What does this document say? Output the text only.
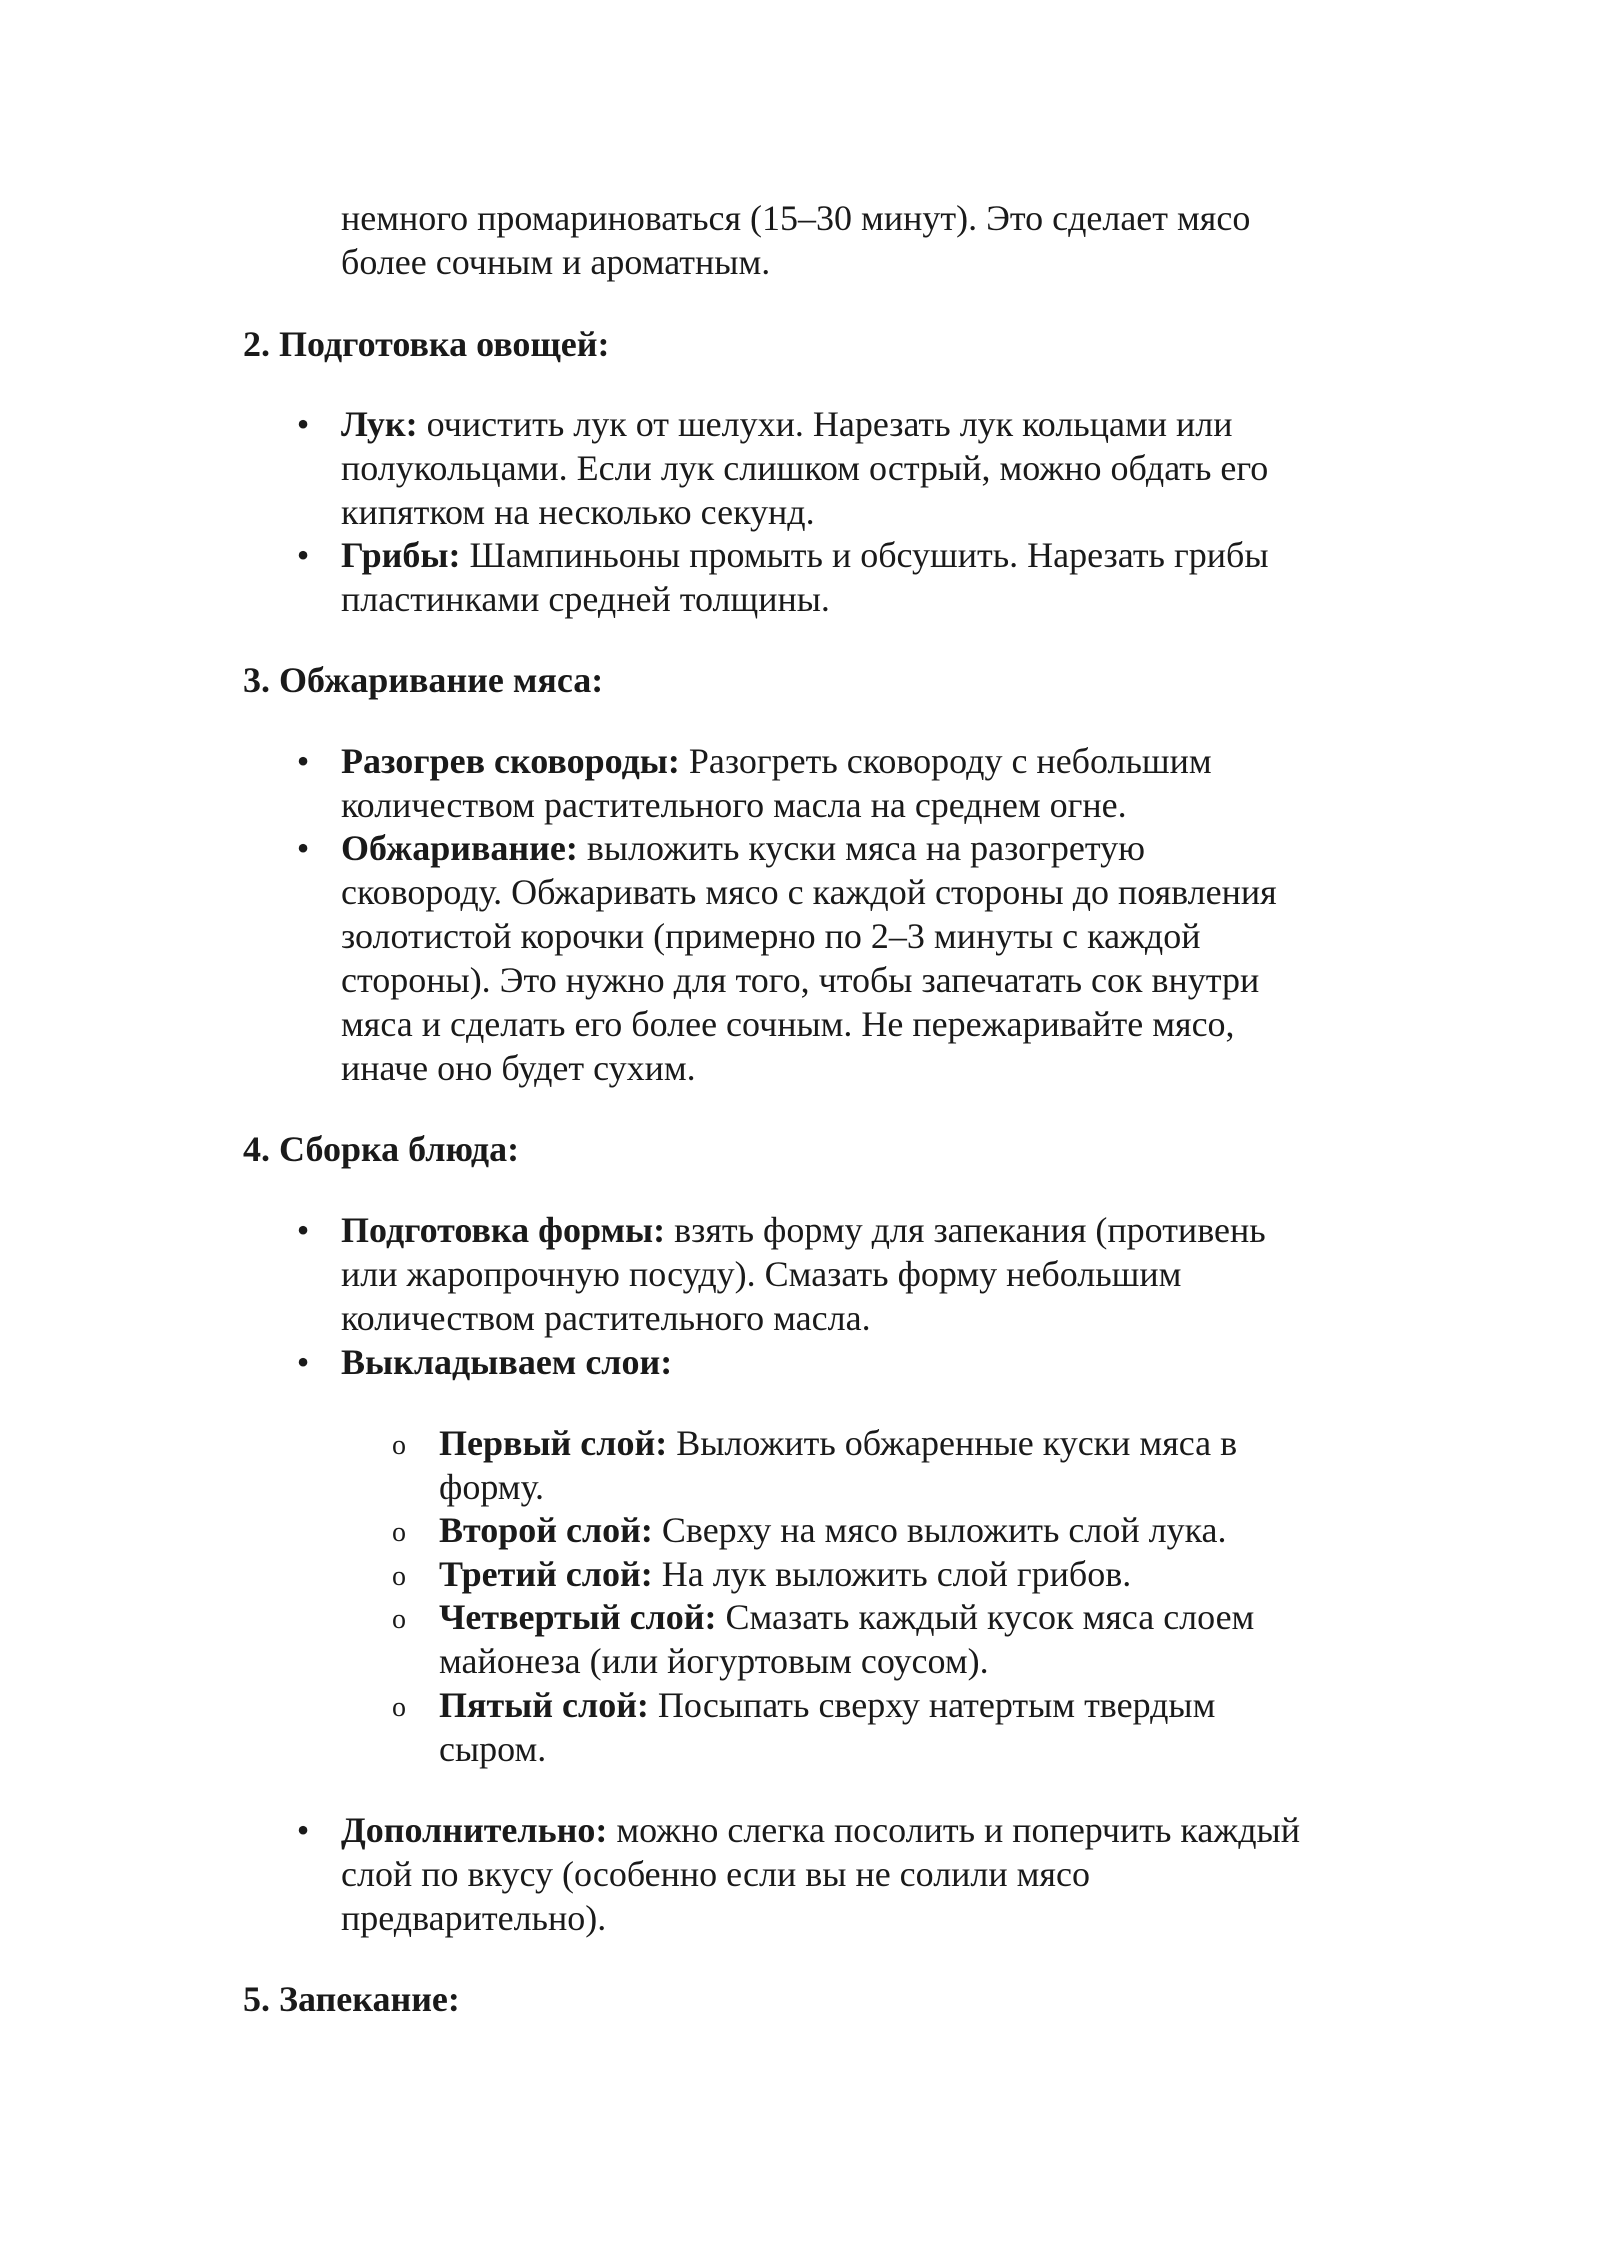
немного промариноваться (15–30 минут). Это сделает мясо
более сочным и ароматным.

2. Подготовка овощей:
• Лук: очистить лук от шелухи. Нарезать лук кольцами или
полукольцами. Если лук слишком острый, можно обдать его
кипятком на несколько секунд.
• Грибы: Шампиньоны промыть и обсушить. Нарезать грибы
пластинками средней толщины.
3. Обжаривание мяса:
• Разогрев сковороды: Разогреть сковороду с небольшим
количеством растительного масла на среднем огне.
• Обжаривание: выложить куски мяса на разогретую
сковороду. Обжаривать мясо с каждой стороны до появления
золотистой корочки (примерно по 2–3 минуты с каждой
стороны). Это нужно для того, чтобы запечатать сок внутри
мяса и сделать его более сочным. Не пережаривайте мясо,
иначе оно будет сухим.
4. Сборка блюда:
• Подготовка формы: взять форму для запекания (противень
или жаропрочную посуду). Смазать форму небольшим
количеством растительного масла.
• Выкладываем слои:
o Первый слой: Выложить обжаренные куски мяса в
форму.
o Второй слой: Сверху на мясо выложить слой лука.
o Третий слой: На лук выложить слой грибов.
o Четвертый слой: Смазать каждый кусок мяса слоем
майонеза (или йогуртовым соусом).
o Пятый слой: Посыпать сверху натертым твердым
сыром.
• Дополнительно: можно слегка посолить и поперчить каждый
слой по вкусу (особенно если вы не солили мясо
предварительно).
5. Запекание:
